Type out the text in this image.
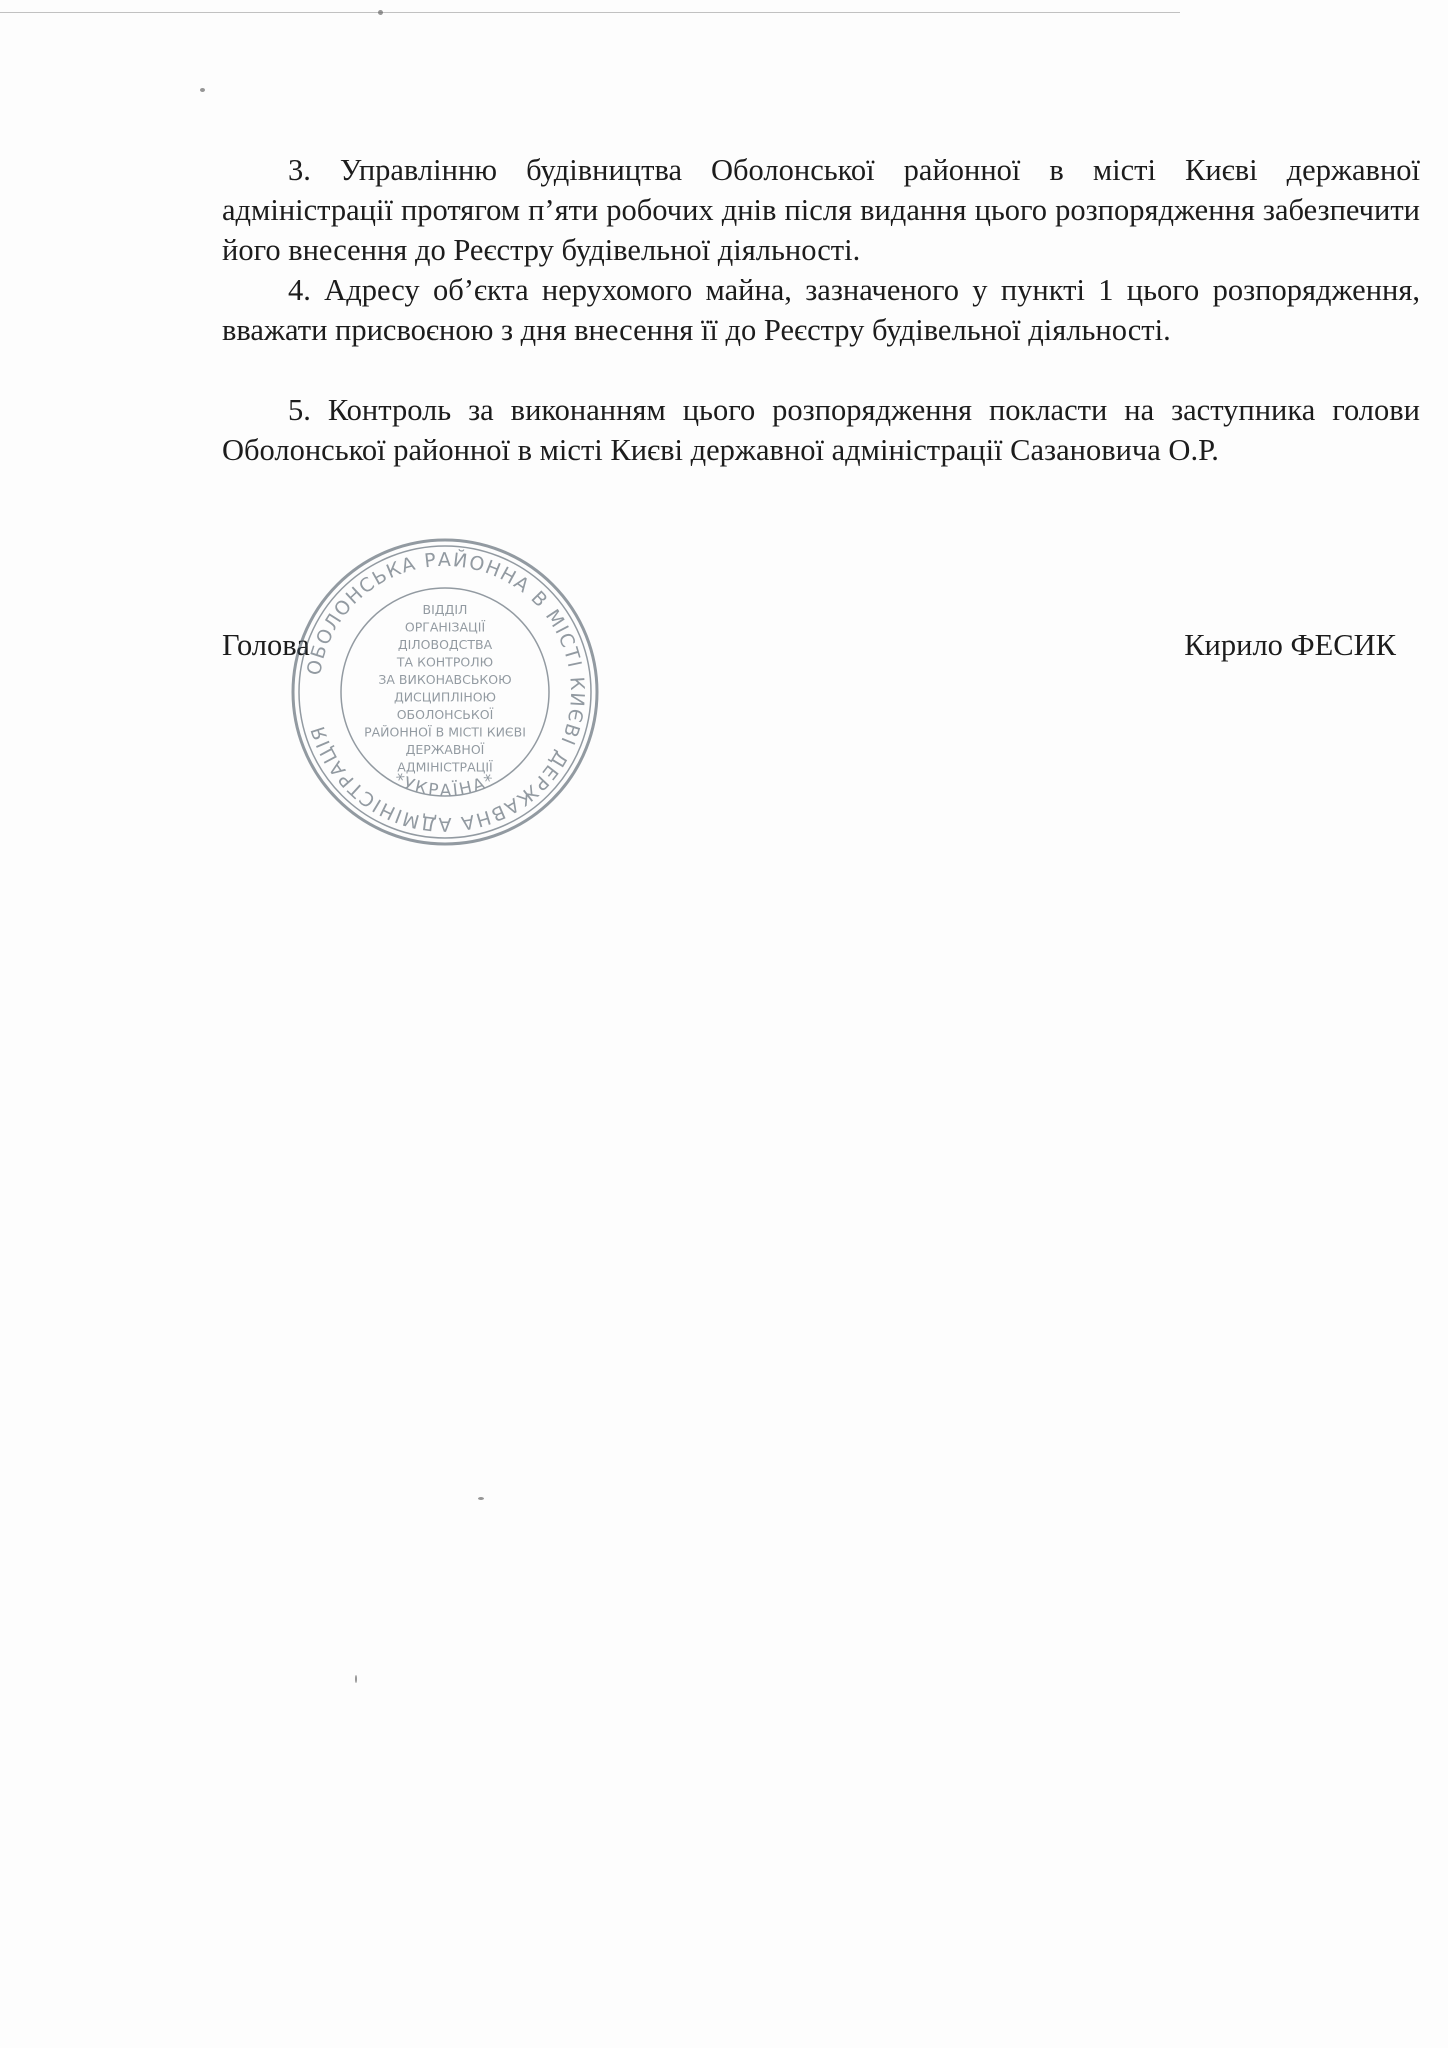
3. Управлінню будівництва Оболонської районної в місті Києві державної адміністрації протягом п’яти робочих днів після видання цього розпорядження забезпечити його внесення до Реєстру будівельної діяльності.

4. Адресу об’єкта нерухомого майна, зазначеного у пункті 1 цього розпорядження, вважати присвоєною з дня внесення її до Реєстру будівельної діяльності.

5. Контроль за виконанням цього розпорядження покласти на заступника голови Оболонської районної в місті Києві державної адміністрації Сазановича О.Р.

Голова	Кирило ФЕСИК
ОБОЛОНСЬКА РАЙОННА В МІСТІ КИЄВІ ДЕРЖАВНА АДМІНІСТРАЦІЯ
*УКРАЇНА*
ВІДДІЛ
ОРГАНІЗАЦІЇ
ДІЛОВОДСТВА
ТА КОНТРОЛЮ
ЗА ВИКОНАВСЬКОЮ
ДИСЦИПЛІНОЮ
ОБОЛОНСЬКОЇ
РАЙОННОЇ В МІСТІ КИЄВІ
ДЕРЖАВНОЇ
АДМІНІСТРАЦІЇ
